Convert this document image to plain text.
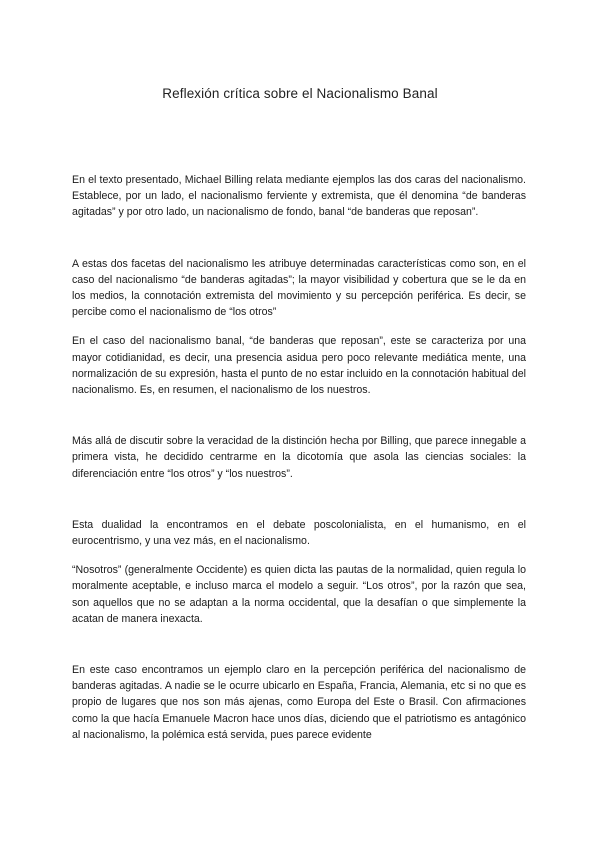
Reflexión crítica sobre el Nacionalismo Banal

En el texto presentado, Michael Billing relata mediante ejemplos las dos caras del nacionalismo. Establece, por un lado, el nacionalismo ferviente y extremista, que él denomina “de banderas agitadas” y por otro lado, un nacionalismo de fondo, banal “de banderas que reposan”.

A estas dos facetas del nacionalismo les atribuye determinadas características como son, en el caso del nacionalismo “de banderas agitadas”; la mayor visibilidad y cobertura que se le da en los medios, la connotación extremista del movimiento y su percepción periférica. Es decir, se percibe como el nacionalismo de “los otros”

En el caso del nacionalismo banal, “de banderas que reposan”, este se caracteriza por una mayor cotidianidad, es decir, una presencia asidua pero poco relevante mediática mente, una normalización de su expresión, hasta el punto de no estar incluido en la connotación habitual del nacionalismo. Es, en resumen, el nacionalismo de los nuestros.

Más allá de discutir sobre la veracidad de la distinción hecha por Billing, que parece innegable a primera vista, he decidido centrarme en la dicotomía que asola las ciencias sociales: la diferenciación entre “los otros” y “los nuestros”.

Esta dualidad la encontramos en el debate poscolonialista, en el humanismo, en el eurocentrismo, y una vez más, en el nacionalismo.

“Nosotros” (generalmente Occidente) es quien dicta las pautas de la normalidad, quien regula lo moralmente aceptable, e incluso marca el modelo a seguir. “Los otros”, por la razón que sea, son aquellos que no se adaptan a la norma occidental, que la desafían o que simplemente la acatan de manera inexacta.

En este caso encontramos un ejemplo claro en la percepción periférica del nacionalismo de banderas agitadas. A nadie se le ocurre ubicarlo en España, Francia, Alemania, etc si no que es propio de lugares que nos son más ajenas, como Europa del Este o Brasil. Con afirmaciones como la que hacía Emanuele Macron hace unos días, diciendo que el patriotismo es antagónico al nacionalismo, la polémica está servida, pues parece evidente
